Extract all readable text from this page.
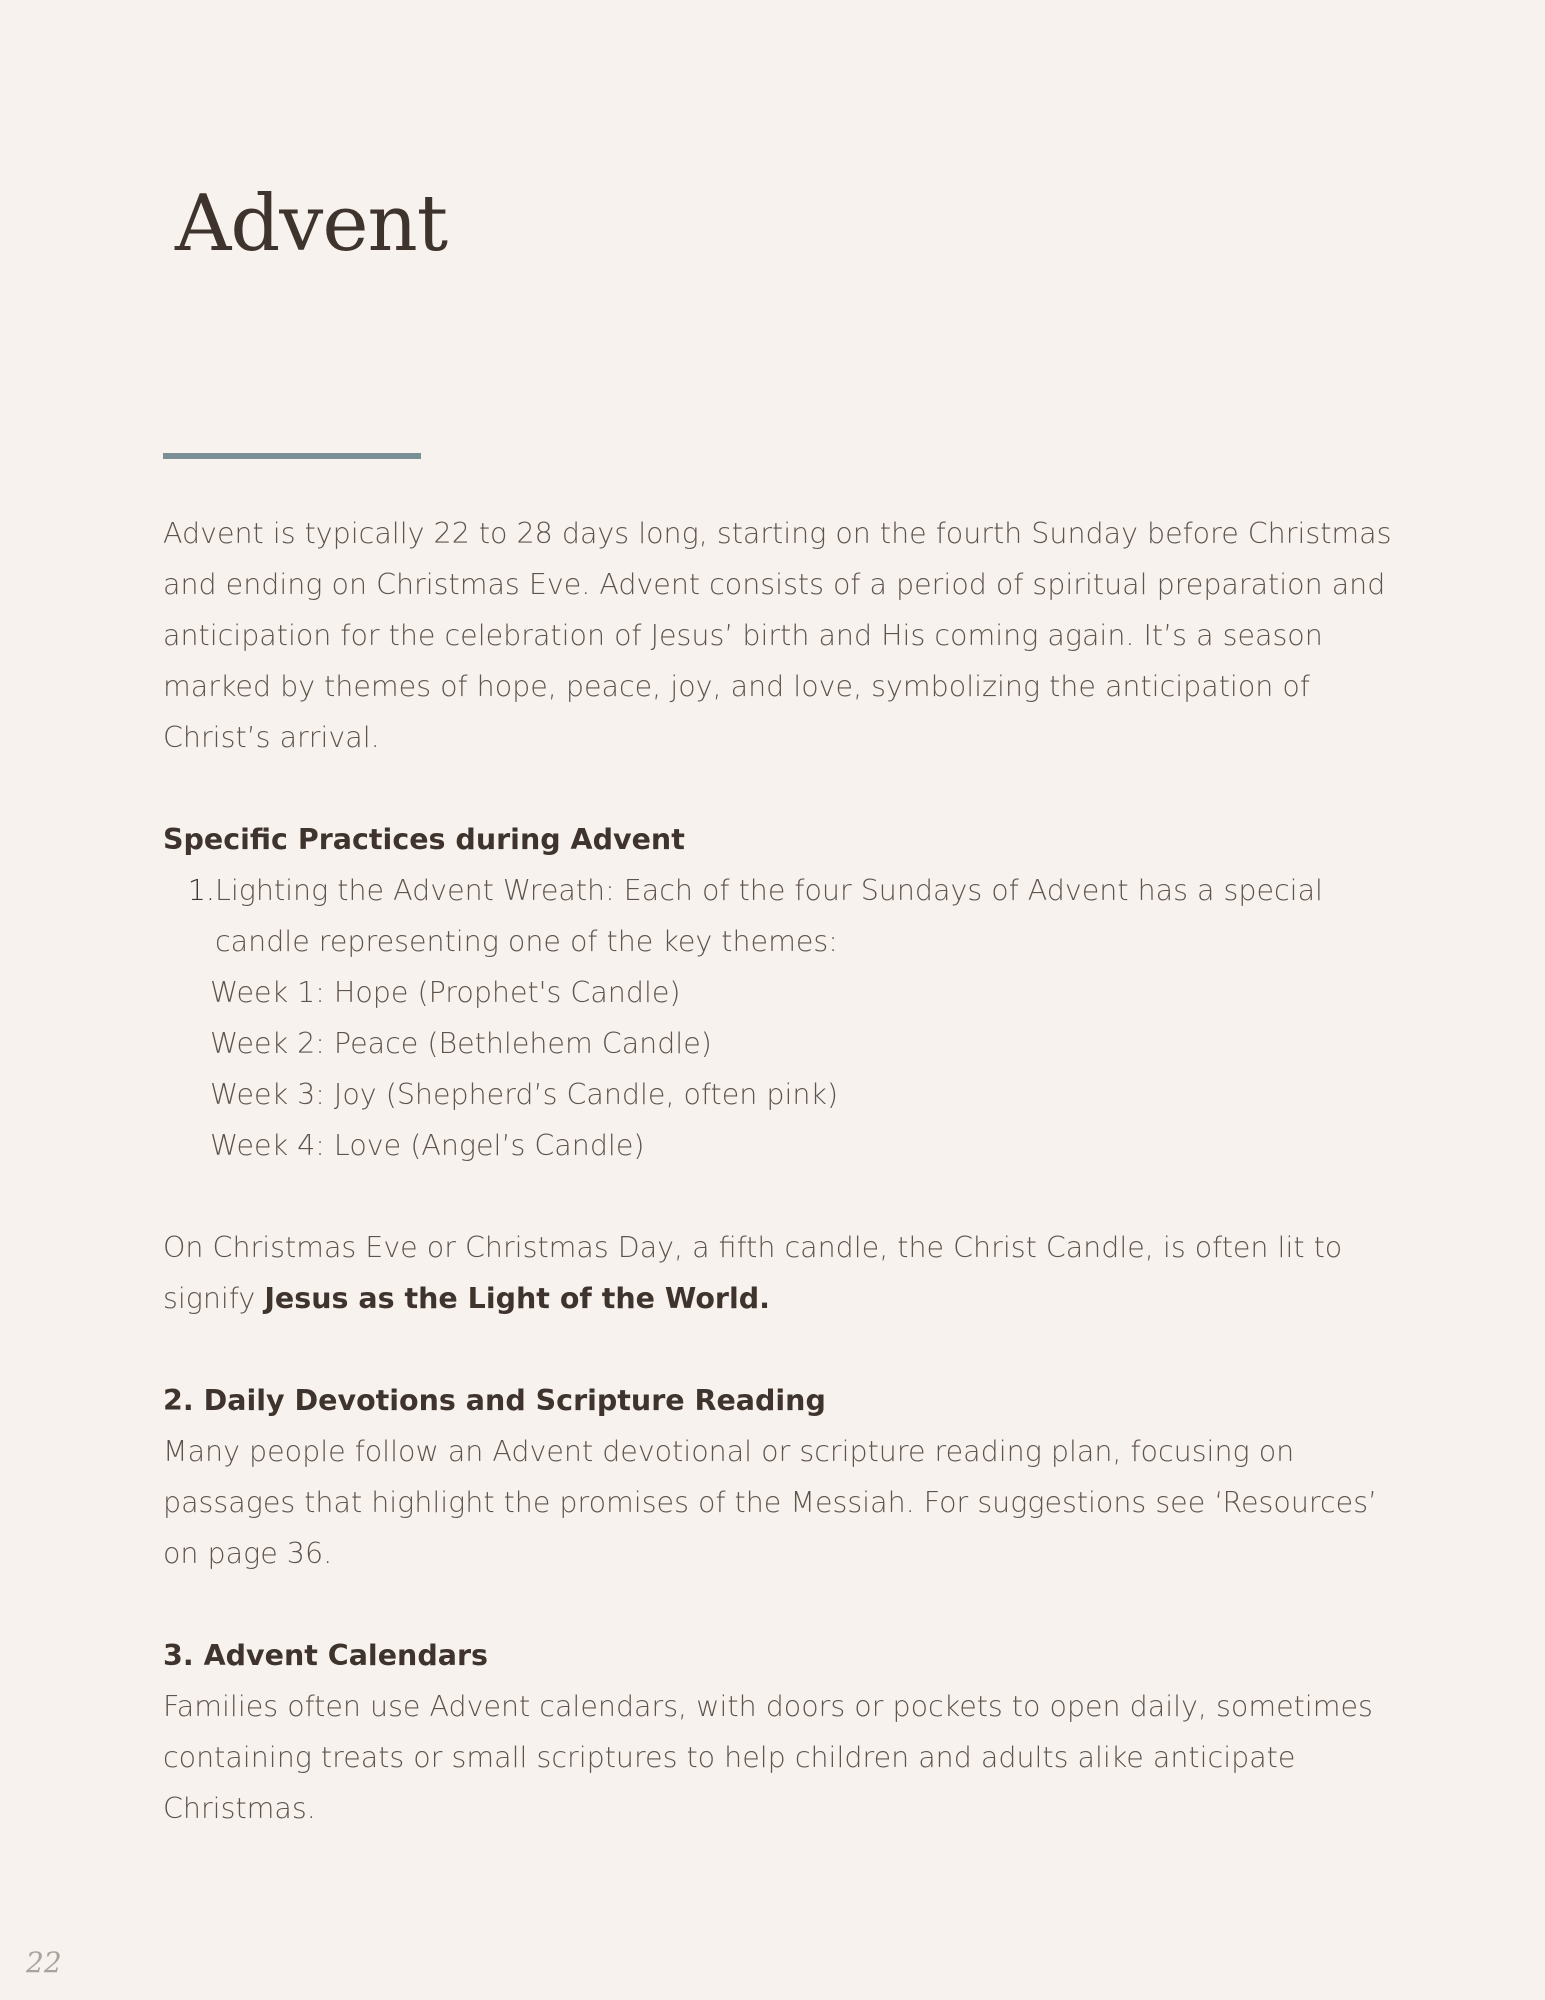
Advent

Advent is typically 22 to 28 days long, starting on the fourth Sunday before Christmas and ending on Christmas Eve. Advent consists of a period of spiritual preparation and anticipation for the celebration of Jesus’ birth and His coming again. It’s a season marked by themes of hope, peace, joy, and love, symbolizing the anticipation of Christ’s arrival.

Specific Practices during Advent

1. Lighting the Advent Wreath: Each of the four Sundays of Advent has a special candle representing one of the key themes:

Week 1: Hope (Prophet's Candle)

Week 2: Peace (Bethlehem Candle)

Week 3: Joy (Shepherd’s Candle, often pink)

Week 4: Love (Angel’s Candle)

On Christmas Eve or Christmas Day, a fifth candle, the Christ Candle, is often lit to signify Jesus as the Light of the World.

2. Daily Devotions and Scripture Reading

Many people follow an Advent devotional or scripture reading plan, focusing on passages that highlight the promises of the Messiah. For suggestions see ‘Resources’ on page 36.

3. Advent Calendars

Families often use Advent calendars, with doors or pockets to open daily, sometimes containing treats or small scriptures to help children and adults alike anticipate Christmas.

22
